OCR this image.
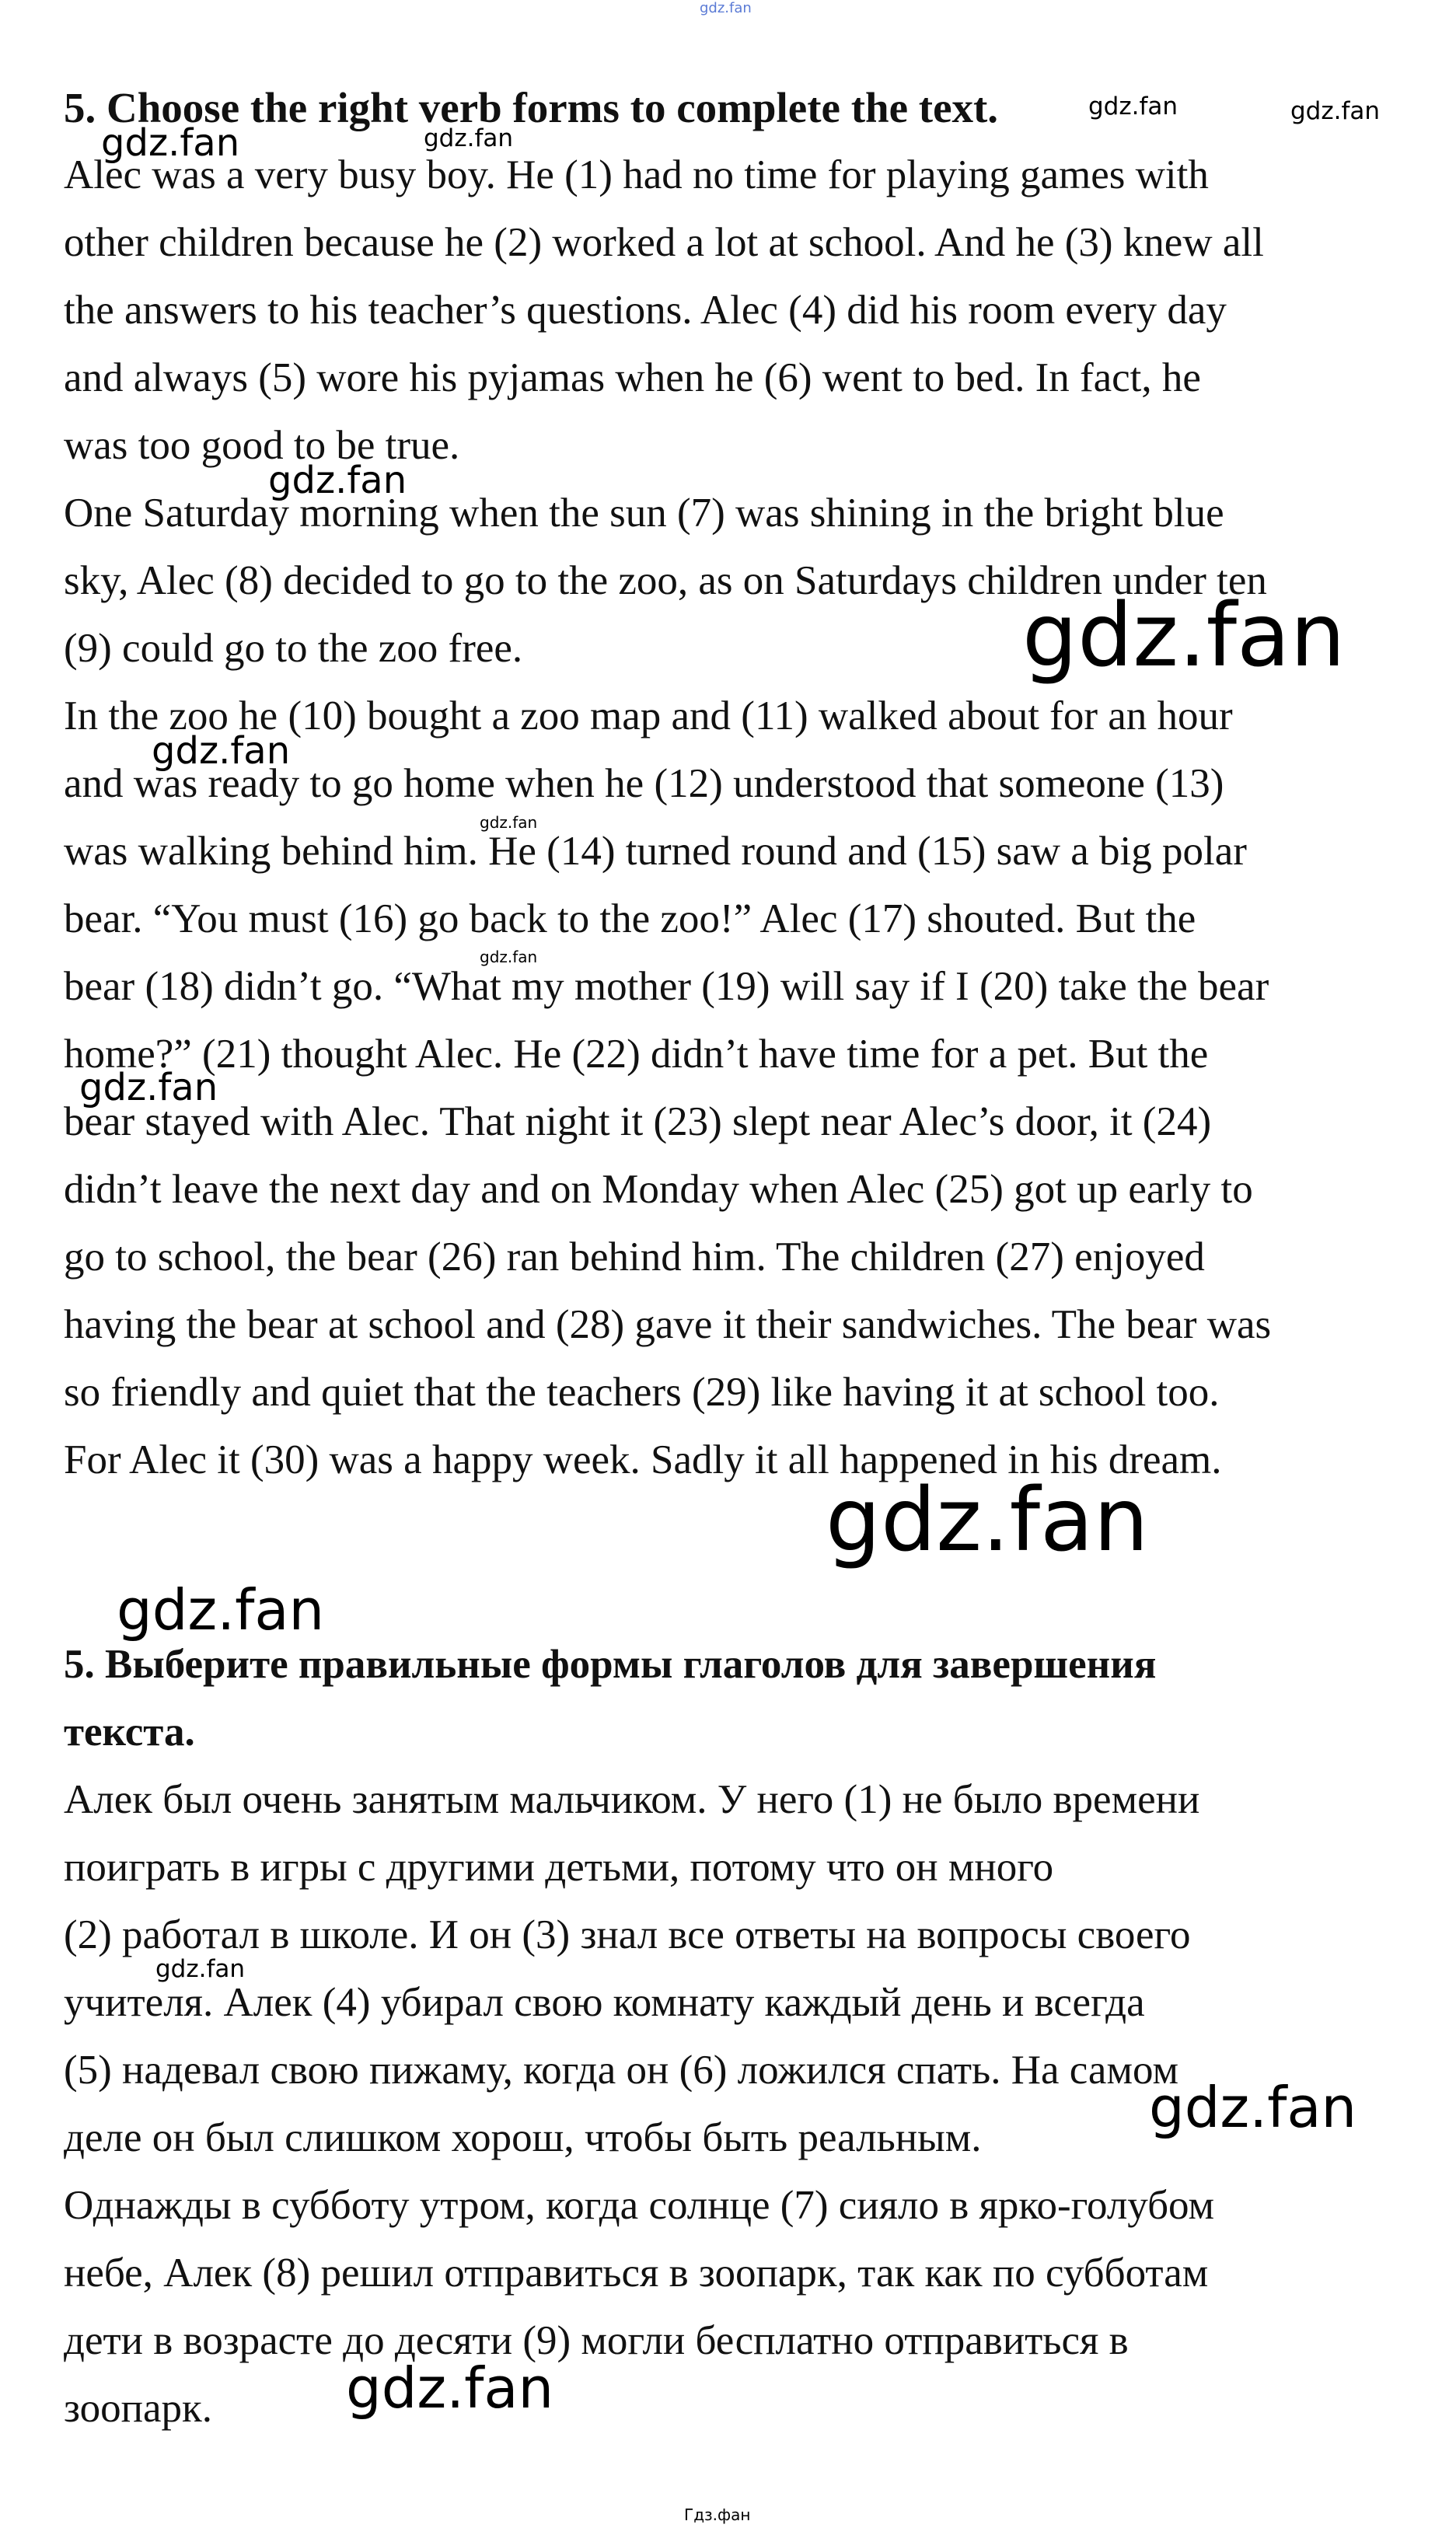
5. Choose the right verb forms to complete the text.

Alec was a very busy boy. He (1) had no time for playing games with

other children because he (2) worked a lot at school. And he (3) knew all

the answers to his teacher’s questions. Alec (4) did his room every day

and always (5) wore his pyjamas when he (6) went to bed. In fact, he

was too good to be true.

One Saturday morning when the sun (7) was shining in the bright blue

sky, Alec (8) decided to go to the zoo, as on Saturdays children under ten

(9) could go to the zoo free.

In the zoo he (10) bought a zoo map and (11) walked about for an hour

and was ready to go home when he (12) understood that someone (13)

was walking behind him. He (14) turned round and (15) saw a big polar

bear. “You must (16) go back to the zoo!” Alec (17) shouted. But the

bear (18) didn’t go. “What my mother (19) will say if I (20) take the bear

home?” (21) thought Alec. He (22) didn’t have time for a pet. But the

bear stayed with Alec. That night it (23) slept near Alec’s door, it (24)

didn’t leave the next day and on Monday when Alec (25) got up early to

go to school, the bear (26) ran behind him. The children (27) enjoyed

having the bear at school and (28) gave it their sandwiches. The bear was

so friendly and quiet that the teachers (29) like having it at school too.

For Alec it (30) was a happy week. Sadly it all happened in his dream.

5. Выберите правильные формы глаголов для завершения

текста.

Алек был очень занятым мальчиком. У него (1) не было времени

поиграть в игры с другими детьми, потому что он много

(2) работал в школе. И он (3) знал все ответы на вопросы своего

учителя. Алек (4) убирал свою комнату каждый день и всегда

(5) надевал свою пижаму, когда он (6) ложился спать. На самом

деле он был слишком хорош, чтобы быть реальным.

Однажды в субботу утром, когда солнце (7) сияло в ярко-голубом

небе, Алек (8) решил отправиться в зоопарк, так как по субботам

дети в возрасте до десяти (9) могли бесплатно отправиться в

зоопарк.

gdz.fan
gdz.fan	gdz.fan
gdz.fan	gdz.fan
gdz.fan
gdz.fan
gdz.fan
gdz.fan
gdz.fan
gdz.fan
gdz.fan
gdz.fan
gdz.fan
gdz.fan
gdz.fan
Гдз.фан
